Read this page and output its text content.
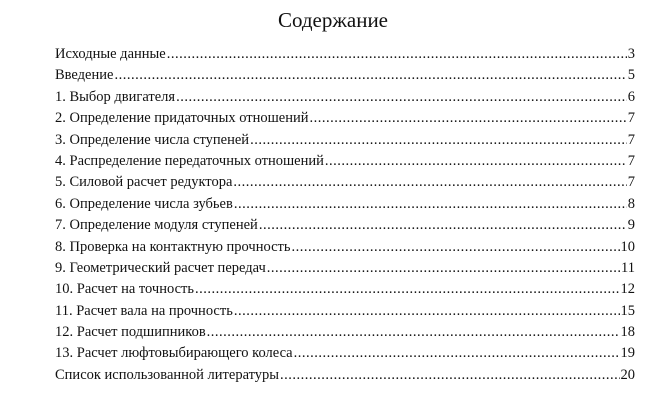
Содержание
Исходные данные .....	3
Введение .....	5
1. Выбор двигателя .....	6
2. Определение придаточных отношений .....	7
3. Определение числа ступеней .....	7
4. Распределение передаточных отношений .....	7
5. Силовой расчет редуктора .....	7
6. Определение числа зубьев .....	8
7. Определение модуля ступеней .....	9
8. Проверка на контактную прочность .....	10
9. Геометрический расчет передач .....	11
10. Расчет на точность .....	12
11. Расчет вала на прочность .....	15
12. Расчет подшипников .....	18
13. Расчет люфтовыбирающего колеса .....	19
Список использованной литературы .....	20
